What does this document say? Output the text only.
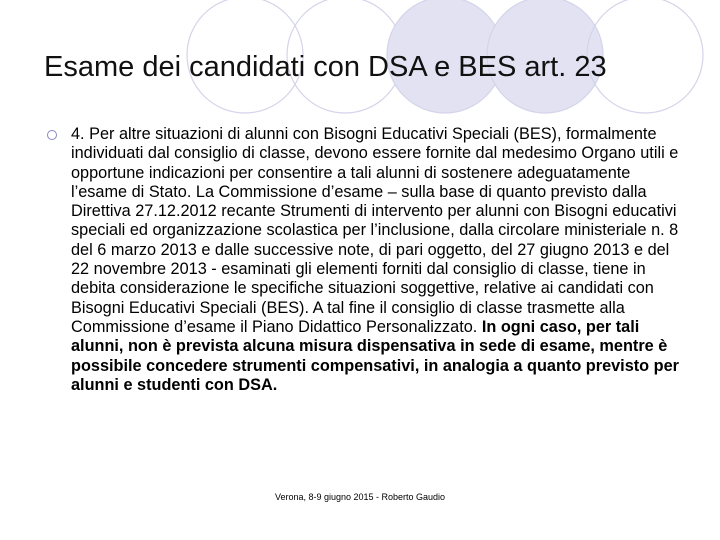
Esame dei candidati con DSA e BES art. 23

4. Per altre situazioni di alunni con Bisogni Educativi Speciali (BES), formalmente individuati dal consiglio di classe, devono essere fornite dal medesimo Organo utili e opportune indicazioni per consentire a tali alunni di sostenere adeguatamente l’esame di Stato. La Commissione d’esame – sulla base di quanto previsto dalla Direttiva 27.12.2012 recante Strumenti di intervento per alunni con Bisogni educativi speciali ed organizzazione scolastica per l’inclusione, dalla circolare ministeriale n. 8 del 6 marzo 2013 e dalle successive note, di pari oggetto, del 27 giugno 2013 e del 22 novembre 2013 - esaminati gli elementi forniti dal consiglio di classe, tiene in debita considerazione le specifiche situazioni soggettive, relative ai candidati con Bisogni Educativi Speciali (BES). A tal fine il consiglio di classe trasmette alla Commissione d’esame il Piano Didattico Personalizzato. In ogni caso, per tali alunni, non è prevista alcuna misura dispensativa in sede di esame, mentre è possibile concedere strumenti compensativi, in analogia a quanto previsto per alunni e studenti con DSA.

Verona, 8-9 giugno 2015 - Roberto Gaudio
